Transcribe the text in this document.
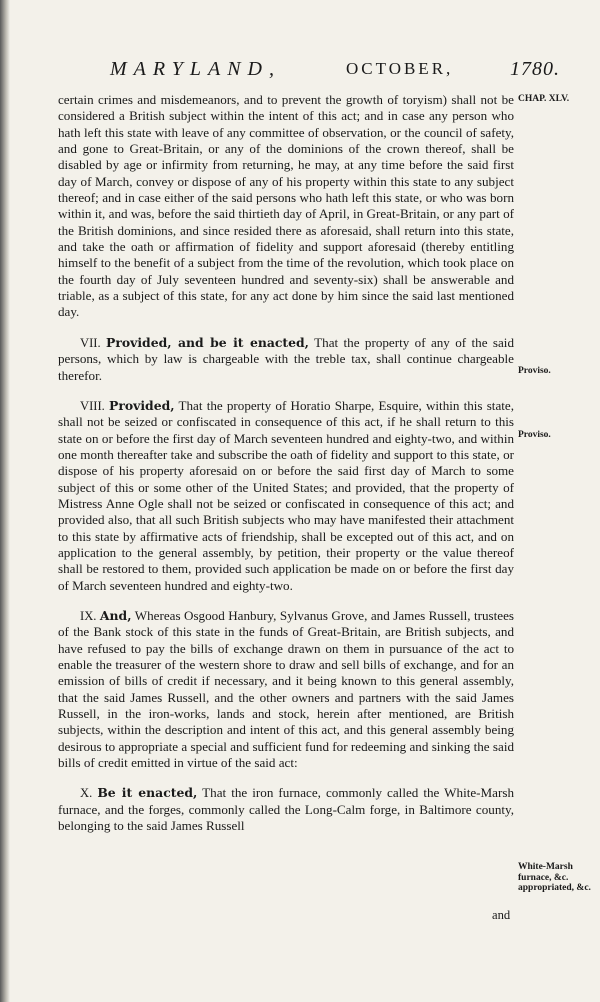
MARYLAND,	OCTOBER,	1780.
CHAP. XLV.
Proviso.
Proviso.
White-Marsh furnace, &c. appropriated, &c.

certain crimes and misdemeanors, and to prevent the growth of toryism) shall not be considered a British subject within the intent of this act; and in case any person who hath left this state with leave of any committee of observation, or the council of safety, and gone to Great-Britain, or any of the dominions of the crown thereof, shall be disabled by age or infirmity from returning, he may, at any time before the said first day of March, convey or dispose of any of his property within this state to any subject thereof; and in case either of the said persons who hath left this state, or who was born within it, and was, before the said thirtieth day of April, in Great-Britain, or any part of the British dominions, and since resided there as aforesaid, shall return into this state, and take the oath or affirmation of fidelity and support aforesaid (thereby entitling himself to the benefit of a subject from the time of the revolution, which took place on the fourth day of July seventeen hundred and seventy-six) shall be answerable and triable, as a subject of this state, for any act done by him since the said last mentioned day.

VII. Provided, and be it enacted, That the property of any of the said persons, which by law is chargeable with the treble tax, shall continue chargeable therefor.

VIII. Provided, That the property of Horatio Sharpe, Esquire, within this state, shall not be seized or confiscated in consequence of this act, if he shall return to this state on or before the first day of March seventeen hundred and eighty-two, and within one month thereafter take and subscribe the oath of fidelity and support to this state, or dispose of his property aforesaid on or before the said first day of March to some subject of this or some other of the United States; and provided, that the property of Mistress Anne Ogle shall not be seized or confiscated in consequence of this act; and provided also, that all such British subjects who may have manifested their attachment to this state by affirmative acts of friendship, shall be excepted out of this act, and on application to the general assembly, by petition, their property or the value thereof shall be restored to them, provided such application be made on or before the first day of March seventeen hundred and eighty-two.

IX. And, Whereas Osgood Hanbury, Sylvanus Grove, and James Russell, trustees of the Bank stock of this state in the funds of Great-Britain, are British subjects, and have refused to pay the bills of exchange drawn on them in pursuance of the act to enable the treasurer of the western shore to draw and sell bills of exchange, and for an emission of bills of credit if necessary, and it being known to this general assembly, that the said James Russell, and the other owners and partners with the said James Russell, in the iron-works, lands and stock, herein after mentioned, are British subjects, within the description and intent of this act, and this general assembly being desirous to appropriate a special and sufficient fund for redeeming and sinking the said bills of credit emitted in virtue of the said act:

X. Be it enacted, That the iron furnace, commonly called the White-Marsh furnace, and the forges, commonly called the Long-Calm forge, in Baltimore county, belonging to the said James Russell

and
